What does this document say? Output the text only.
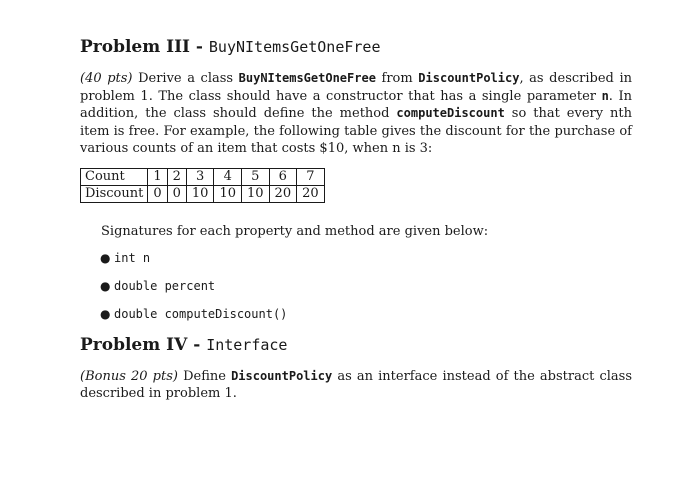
Problem III - BuyNItemsGetOneFree

(40 pts) Derive a class BuyNItemsGetOneFree from DiscountPolicy, as described in problem 1. The class should have a constructor that has a single parameter n. In addition, the class should define the method computeDiscount so that every nth item is free. For example, the following table gives the discount for the purchase of various counts of an item that costs $10, when n is 3:

Count	1	2	3	4	5	6	7
Discount	0	0	10	10	10	20	20

Signatures for each property and method are given below:

● int n
● double percent
● double computeDiscount()
Problem IV - Interface

(Bonus 20 pts) Define DiscountPolicy as an interface instead of the abstract class described in problem 1.
